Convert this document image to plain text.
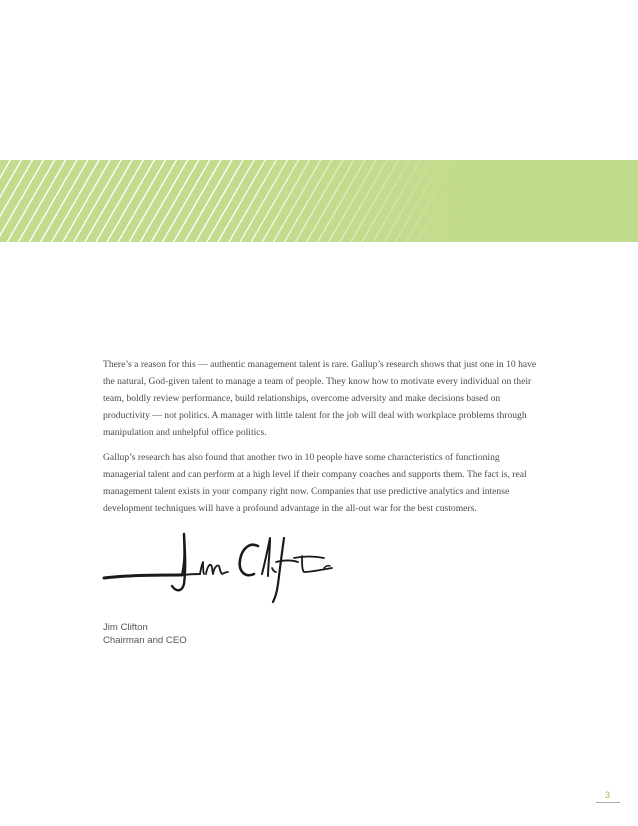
There’s a reason for this — authentic management talent is rare. Gallup’s research shows that just one in 10 have the natural, God-given talent to manage a team of people. They know how to motivate every individual on their team, boldly review performance, build relationships, overcome adversity and make decisions based on productivity — not politics. A manager with little talent for the job will deal with workplace problems through manipulation and unhelpful office politics.

Gallup’s research has also found that another two in 10 people have some characteristics of functioning managerial talent and can perform at a high level if their company coaches and supports them. The fact is, real management talent exists in your company right now. Companies that use predictive analytics and intense development techniques will have a profound advantage in the all-out war for the best customers.

Jim Clifton
Chairman and CEO
3
